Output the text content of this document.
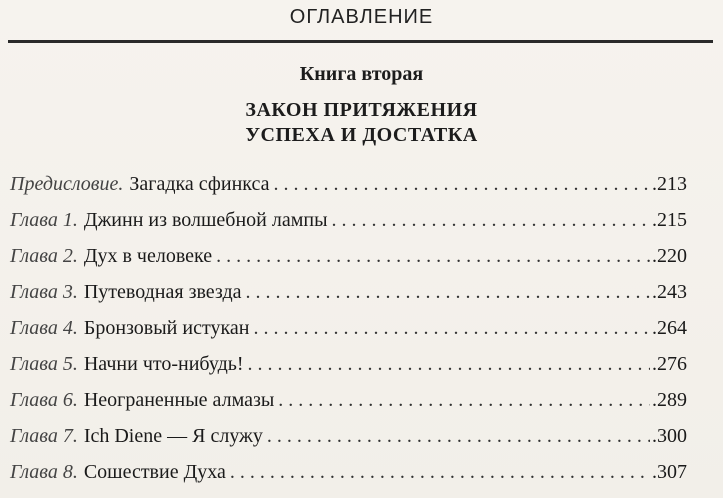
ОГЛАВЛЕНИЕ
Книга вторая
ЗАКОН ПРИТЯЖЕНИЯ
УСПЕХА И ДОСТАТКА
Предисловие. Загадка сфинкса . . .	.213
Глава 1. Джинн из волшебной лампы . . .	.215
Глава 2. Дух в человеке . . .	.220
Глава 3. Путеводная звезда . . .	.243
Глава 4. Бронзовый истукан . . .	.264
Глава 5. Начни что-нибудь! . . .	.276
Глава 6. Неограненные алмазы . . .	.289
Глава 7. Ich Diene — Я служу . . .	.300
Глава 8. Сошествие Духа . . .	.307
